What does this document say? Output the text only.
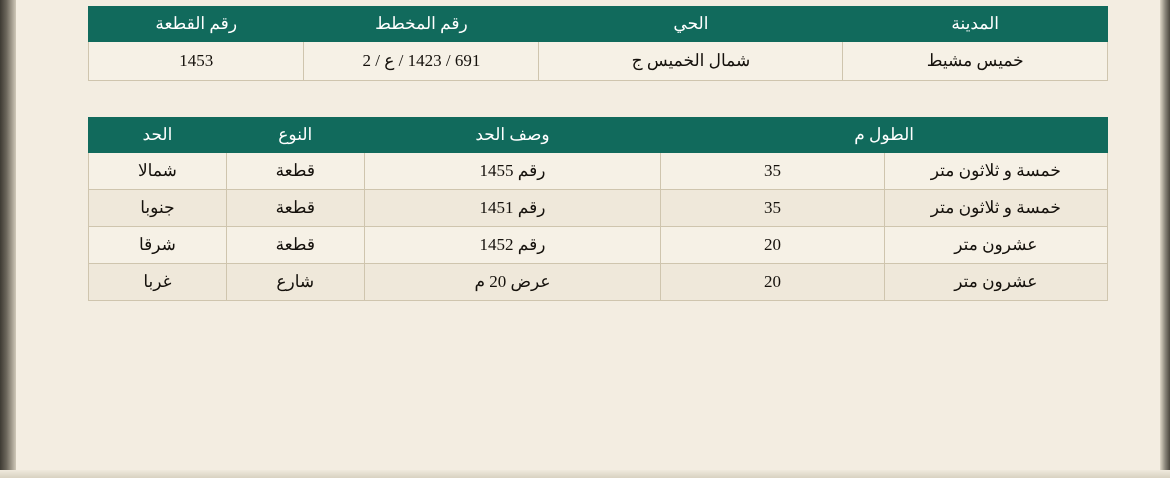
المدينة	الحي	رقم المخطط	رقم القطعة
خميس مشيط	شمال الخميس ج	691 / 1423 / ع / 2	1453
الطول م		وصف الحد	النوع	الحد
خمسة و ثلاثون متر	35	رقم 1455	قطعة	شمالا
خمسة و ثلاثون متر	35	رقم 1451	قطعة	جنوبا
عشرون متر	20	رقم 1452	قطعة	شرقا
عشرون متر	20	عرض 20 م	شارع	غربا
